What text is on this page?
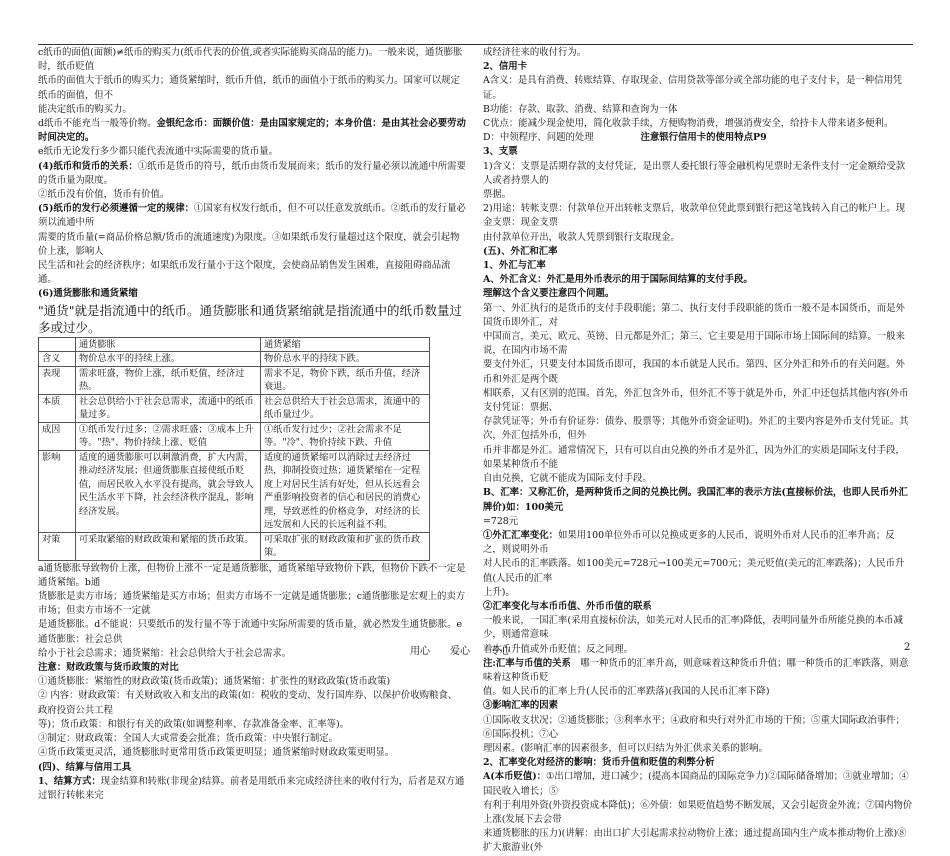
c纸币的面值(面额)≠纸币的购买力(纸币代表的价值,或者实际能购买商品的能力)。一般来说，通货膨胀时，纸币贬值

纸币的面值大于纸币的购买力；通货紧缩时，纸币升值，纸币的面值小于纸币的购买力。国家可以规定纸币的面值，但不

能决定纸币的购买力。

d纸币不能充当一般等价物。金银纪念币：面额价值：是由国家规定的；本身价值：是由其社会必要劳动时间决定的。

e纸币无论发行多少都只能代表流通中实际需要的货币量。

(4)纸币和货币的关系：①纸币是货币的符号，纸币由货币发展而来；纸币的发行量必须以流通中所需要的货币量为限度。

②纸币没有价值，货币有价值。

(5)纸币的发行必须遵循一定的规律：①国家有权发行纸币，但不可以任意发放纸币。②纸币的发行量必须以流通中所

需要的货币量(=商品价格总额/货币的流通速度)为限度。③如果纸币发行量超过这个限度，就会引起物价上涨，影响人

民生活和社会的经济秩序；如果纸币发行量小于这个限度，会使商品销售发生困难，直接阻碍商品流通。

(6)通货膨胀和通货紧缩

"通货"就是指流通中的纸币。通货膨胀和通货紧缩就是指流通中的纸币数量过多或过少。

	通货膨胀	通货紧缩
含义	物价总水平的持续上涨。	物价总水平的持续下跌。
表现	需求旺盛，物价上涨，纸币贬值，经济过热。	需求不足，物价下跌，纸币升值，经济衰退。
本质	社会总供给小于社会总需求，流通中的纸币量过多。	社会总供给大于社会总需求，流通中的纸币量过少。
成因	①纸币发行过多；②需求旺盛；③成本上升等。"热"、物价持续上涨、贬值	①纸币发行过少；②社会需求不足等。"冷"、物价持续下跌、升值
影响	适度的通货膨胀可以刺激消费，扩大内需，推动经济发展；但通货膨胀直接使纸币贬值，而居民收入水平没有提高，就会导致人民生活水平下降，社会经济秩序混乱，影响经济发展。	适度的通货紧缩可以消除过去经济过热，抑制投资过热；通货紧缩在一定程度上对居民生活有好处，但从长远看会严重影响投资者的信心和居民的消费心理，导致恶性的价格竞争，对经济的长远发展和人民的长远利益不利。
对策	可采取紧缩的财政政策和紧缩的货币政策。	可采取扩张的财政政策和扩张的货币政策。

a通货膨胀导致物价上涨，但物价上涨不一定是通货膨胀，通货紧缩导致物价下跌，但物价下跌不一定是通货紧缩。b通

货膨胀是卖方市场；通货紧缩是买方市场；但卖方市场不一定就是通货膨胀；c通货膨胀是宏观上的卖方市场；但卖方市场不一定就

是通货膨胀。d不能说：只要纸币的发行量不等于流通中实际所需要的货币量，就必然发生通货膨胀。e通货膨胀：社会总供

给小于社会总需求；通货紧缩：社会总供给大于社会总需求。

注意：财政政策与货币政策的对比

①通货膨胀：紧缩性的财政政策(货币政策)；通货紧缩：扩张性的财政政策(货币政策)

② 内容：财政政策：有关财政收入和支出的政策(如：税收的变动、发行国库券、以保护价收购粮食、政府投资公共工程

等)；货币政策：和银行有关的政策(如调整利率、存款准备金率、汇率等)。

③制定：财政政策：全国人大或常委会批准；货币政策：中央银行制定。

④货币政策更灵活，通货膨胀时更常用货币政策更明显；通货紧缩时财政政策更明显。

(四)、结算与信用工具

1、结算方式：现金结算和转账(非现金)结算。前者是用纸币来完成经济往来的收付行为，后者是双方通过银行转帐来完

成经济往来的收付行为。

2、信用卡

A含义：是具有消费、转账结算、存取现金、信用贷款等部分或全部功能的电子支付卡，是一种信用凭证。

B功能：存款、取款、消费、结算和查询为一体

C优点：能减少现金使用，简化收款手续，方便购物消费，增强消费安全，给持卡人带来诸多便利。

D：中领程序、问题的处理　　　　　	注意银行信用卡的使用特点P9

3、支票

1)含义：支票是活期存款的支付凭证，是出票人委托银行等金融机构见票时无条件支付一定金额给受款人或者持票人的

票据。

2)用途：转帐支票：付款单位开出转帐支票后，收款单位凭此票到银行把这笔钱转入自己的帐户上。现金支票：现金支票

由付款单位开出，收款人凭票到银行支取现金。

(五)、外汇和汇率

1、外汇与汇率

A、外汇含义：外汇是用外币表示的用于国际间结算的支付手段。

理解这个含义要注意四个问题。

第一、外汇执行的是货币的支付手段职能；第二、执行支付手段职能的货币一般不是本国货币，而是外国货币即外汇，对

中国而言，美元、欧元、英镑、日元都是外汇；第三、它主要是用于国际市场上国际间的结算。一般来说，在国内市场不需

要支付外汇，只要支付本国货币即可，我国的本币就是人民币。第四、区分外汇和外币的有关问题。外币和外汇是两个既

相联系，又有区别的范围。首先，外汇包含外币，但外汇不等于就是外币，外汇中还包括其他内容(外币支付凭证：票据、

存款凭证等；外币有价证券：债券、股票等；其他外币资金证明)。外汇的主要内容是外币支付凭证。其次，外汇包括外币，但外

币并非都是外汇。通常情况下，只有可以自由兑换的外币才是外汇，因为外汇的实质是国际支付手段，如果某种货币不能

自由兑换，它就不能成为国际支付手段。

B、汇率：又称汇价，是两种货币之间的兑换比例。我国汇率的表示方法(直接标价法，也即人民币外汇牌价)如：100美元

=728元

①外汇汇率变化：如果用100单位外币可以兑换成更多的人民币，说明外币对人民币的汇率升高；反之，则说明外币

对人民币的汇率跌落。如100美元=728元→100美元=700元；美元贬值(美元的汇率跌落)；人民币升值(人民币的汇率

上升)。

②汇率变化与本币币值、外币币值的联系

一般来说，一国汇率(采用直接标价法，如美元对人民币的汇率)降低，表明同量外币所能兑换的本币减少，则通常意味

着本币升值或外币贬值；反之同理。

注:汇率与币值的关系　 哪一种货币的汇率升高，则意味着这种货币升值；哪一种货币的汇率跌落，则意味着这种货币贬

值。如人民币的汇率上升(人民币的汇率跌落)(我国的人民币汇率下降)

③影响汇率的因素

①国际收支状况；②通货膨胀；③利率水平；④政府和央行对外汇市场的干预；⑤重大国际政治事件；⑥国际投机；⑦心

理因素。(影响汇率的因素很多，但可以归结为外汇供求关系的影响。

2、汇率变化对经济的影响：货币升值和贬值的利弊分析

A(本币贬值)：①出口增加，进口减少；(提高本国商品的国际竞争力)②国际储备增加；③就业增加；④国民收入增长；⑤

有利于利用外资(外资投资成本降低)；⑥外债：如果贬值趋势不断发展，又会引起资金外流；⑦国内物价上涨(发展下去会带

来通货膨胀的压力)(讲解：由出口扩大引起需求拉动物价上涨；通过提高国内生产成本推动物价上涨)⑧扩大旅游业(外

用心　　爱心　　专心	2
